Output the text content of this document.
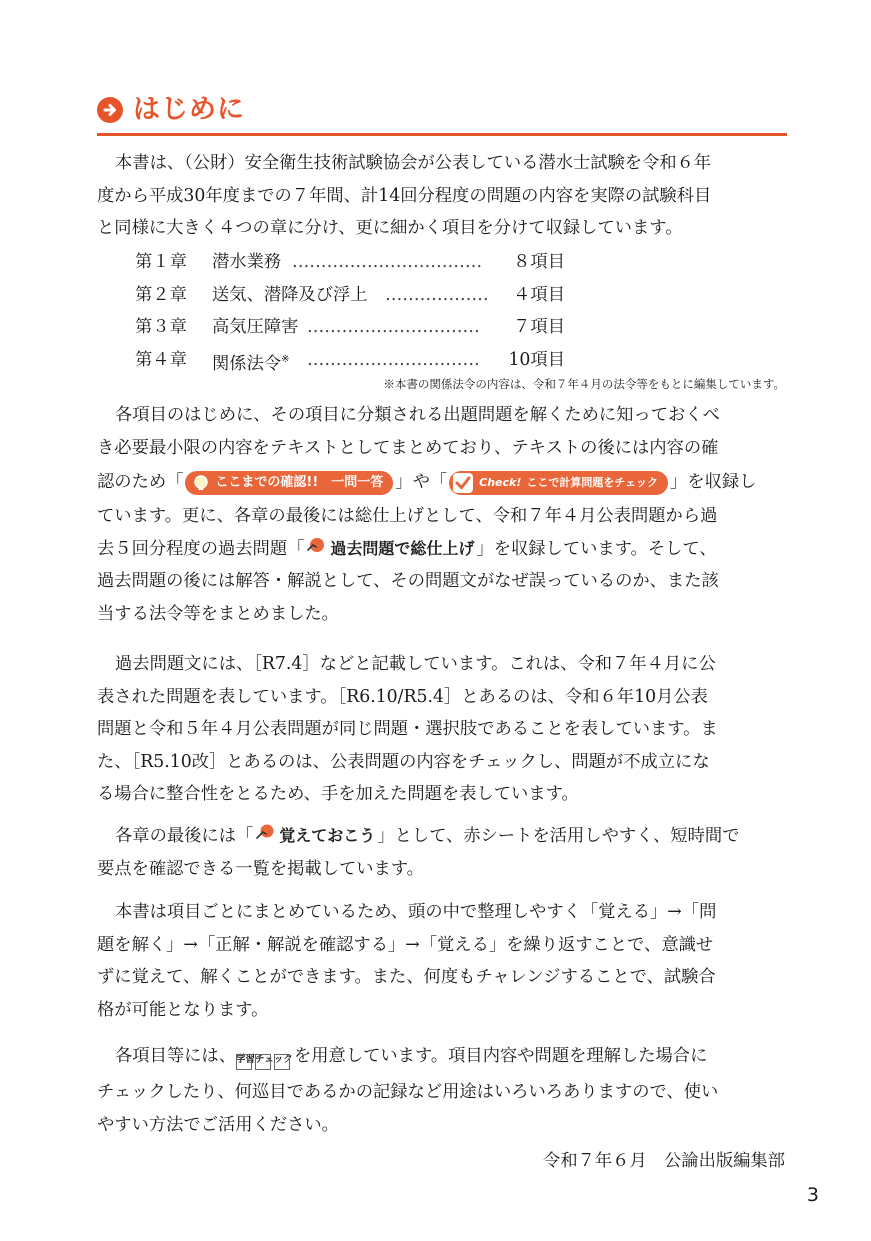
はじめに
本書は、（公財）安全衛生技術試験協会が公表している潜水士試験を令和６年
度から平成30年度までの７年間、計14回分程度の問題の内容を実際の試験科目
と同様に大きく４つの章に分け、更に細かく項目を分けて収録しています。
第１章 潜水業務 …………………………… ８項目
第２章 送気、潜降及び浮上 ……………… ４項目
第３章 高気圧障害 ………………………… ７項目
第４章 関係法令※ ………………………… 10項目
※本書の関係法令の内容は、令和７年４月の法令等をもとに編集しています。
各項目のはじめに、その項目に分類される出題問題を解くために知っておくべ
き必要最小限の内容をテキストとしてまとめており、テキストの後には内容の確
認のため「 ここまでの確認!!　一問一答 」や「	Check! ここで計算問題をチェック 」を収録し
ています。更に、各章の最後には総仕上げとして、令和７年４月公表問題から過
去５回分程度の過去問題「 過去問題で総仕上げ 」を収録しています。そして、
過去問題の後には解答・解説として、その問題文がなぜ誤っているのか、また該
当する法令等をまとめました。
過去問題文には、［R7.4］などと記載しています。これは、令和７年４月に公
表された問題を表しています。［R6.10/R5.4］とあるのは、令和６年10月公表
問題と令和５年４月公表問題が同じ問題・選択肢であることを表しています。ま
た、［R5.10改］とあるのは、公表問題の内容をチェックし、問題が不成立にな
る場合に整合性をとるため、手を加えた問題を表しています。
各章の最後には「 覚えておこう 」として、赤シートを活用しやすく、短時間で
要点を確認できる一覧を掲載しています。
本書は項目ごとにまとめているため、頭の中で整理しやすく「覚える」→「問
題を解く」→「正解・解説を確認する」→「覚える」を繰り返すことで、意識せ
ずに覚えて、解くことができます。また、何度もチャレンジすることで、試験合
格が可能となります。
各項目等には、 学習チェック を用意しています。項目内容や問題を理解した場合に
チェックしたり、何巡目であるかの記録など用途はいろいろありますので、使い
やすい方法でご活用ください。
令和７年６月　公論出版編集部
3
